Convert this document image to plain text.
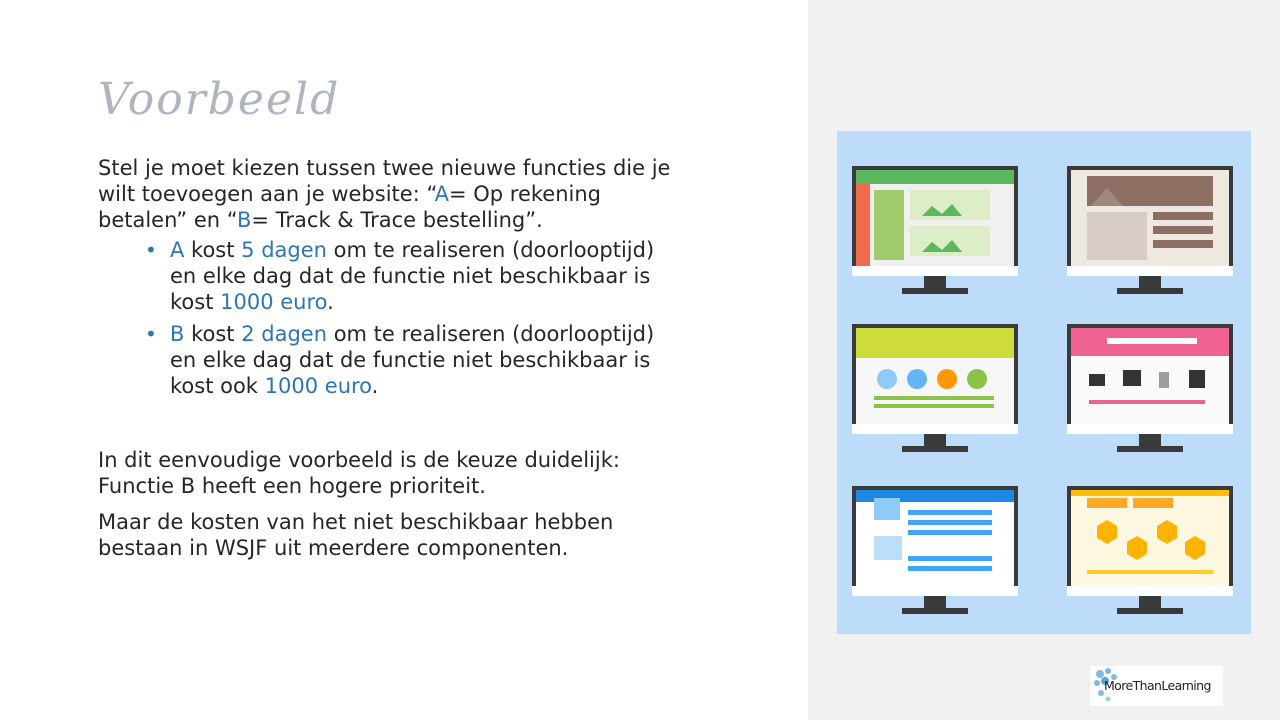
Voorbeeld

Stel je moet kiezen tussen twee nieuwe functies die je wilt toevoegen aan je website: “A= Op rekening betalen” en “B= Track & Trace bestelling”.

• A kost 5 dagen om te realiseren (doorlooptijd) en elke dag dat de functie niet beschikbaar is kost 1000 euro.
• B kost 2 dagen om te realiseren (doorlooptijd) en elke dag dat de functie niet beschikbaar is kost ook 1000 euro.

In dit eenvoudige voorbeeld is de keuze duidelijk: Functie B heeft een hogere prioriteit.

Maar de kosten van het niet beschikbaar hebben bestaan in WSJF uit meerdere componenten.

MoreThanLearning
